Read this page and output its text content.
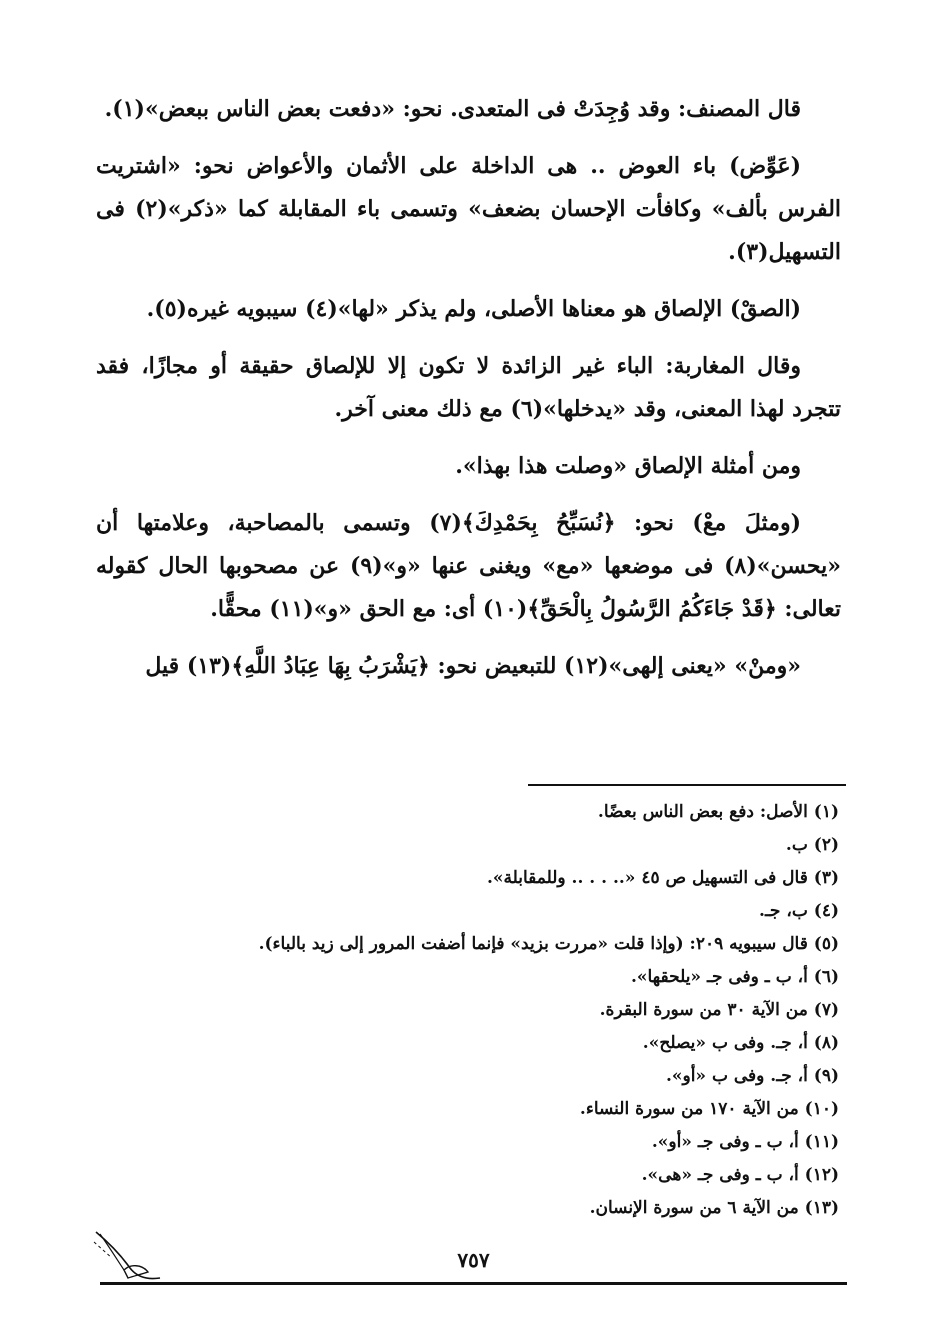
قال المصنف: وقد وُجِدَتْ فى المتعدى. نحو: «دفعت بعض الناس ببعض»(١).

(عَوِّض) باء العوض .. هى الداخلة على الأثمان والأعواض نحو: «اشتريت الفرس بألف» وكافأت الإحسان بضعف» وتسمى باء المقابلة كما «ذكر»(٢) فى التسهيل(٣).

(الصقْ) الإلصاق هو معناها الأصلى، ولم يذكر «لها»(٤) سيبويه غيره(٥).

وقال المغاربة: الباء غير الزائدة لا تكون إلا للإلصاق حقيقة أو مجازًا، فقد تتجرد لهذا المعنى، وقد «يدخلها»(٦) مع ذلك معنى آخر.

ومن أمثلة الإلصاق «وصلت هذا بهذا».

(ومثلَ معْ) نحو: ﴿نُسَبِّحُ بِحَمْدِكَ﴾(٧) وتسمى بالمصاحبة، وعلامتها أن «يحسن»(٨) فى موضعها «مع» ويغنى عنها «و»(٩) عن مصحوبها الحال كقوله تعالى: ﴿قَدْ جَاءَكُمُ الرَّسُولُ بِالْحَقِّ﴾(١٠) أى: مع الحق «و»(١١) محقًّا.

«ومنْ» «يعنى إلهى»(١٢) للتبعيض نحو: ﴿يَشْرَبُ بِهَا عِبَادُ اللَّهِ﴾(١٣) قيل

(١) الأصل: دفع بعض الناس بعضًا.

(٢) ب.

(٣) قال فى التسهيل ص ٤٥ «.. . . .. وللمقابلة».

(٤) ب، جـ.

(٥) قال سيبويه ٢٠٩: (وإذا قلت «مررت بزيد» فإنما أضفت المرور إلى زيد بالباء).

(٦) أ، ب ـ وفى جـ «يلحقها».

(٧) من الآية ٣٠ من سورة البقرة.

(٨) أ، جـ. وفى ب «يصلح».

(٩) أ، جـ. وفى ب «أو».

(١٠) من الآية ١٧٠ من سورة النساء.

(١١) أ، ب ـ وفى جـ «أو».

(١٢) أ، ب ـ وفى جـ «هى».

(١٣) من الآية ٦ من سورة الإنسان.

٧٥٧
